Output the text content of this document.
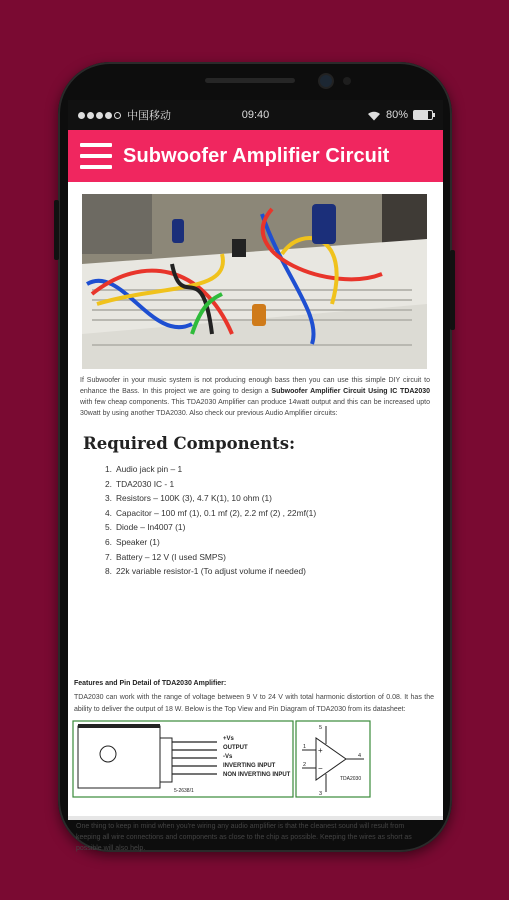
中国移动	09:40	80%
Subwoofer Amplifier Circuit

If Subwoofer in your music system is not producing enough bass then you can use this simple DIY circuit to enhance the Bass. In this project we are going to design a Subwoofer Amplifier Circuit Using IC TDA2030 with few cheap components. This TDA2030 Amplifier can produce 14watt output and this can be increased upto 30watt by using another TDA2030. Also check our previous Audio Amplifier circuits:

Required Components:
1. Audio jack pin – 1
2. TDA2030 IC - 1
3. Resistors – 100K (3), 4.7 K(1), 10 ohm (1)
4. Capacitor – 100 mf (1), 0.1 mf (2), 2.2 mf (2) , 22mf(1)
5. Diode – In4007 (1)
6. Speaker (1)
7. Battery – 12 V (I used SMPS)
8. 22k variable resistor-1 (To adjust volume if needed)
Features and Pin Detail of TDA2030 Amplifier:

TDA2030 can work with the range of voltage between 9 V to 24 V with total harmonic distortion of 0.08. It has the ability to deliver the output of 18 W. Below is the Top View and Pin Diagram of TDA2030 from its datasheet:

+Vs
OUTPUT
-Vs
INVERTING INPUT
NON INVERTING INPUT
5-2638/1
5
1
2
3
4
+
−
TDA2030

One thing to keep in mind when you're wiring any audio amplifier is that the cleanest sound will result from keeping all wire connections and components as close to the chip as possible. Keeping the wires as short as possible will also help.
